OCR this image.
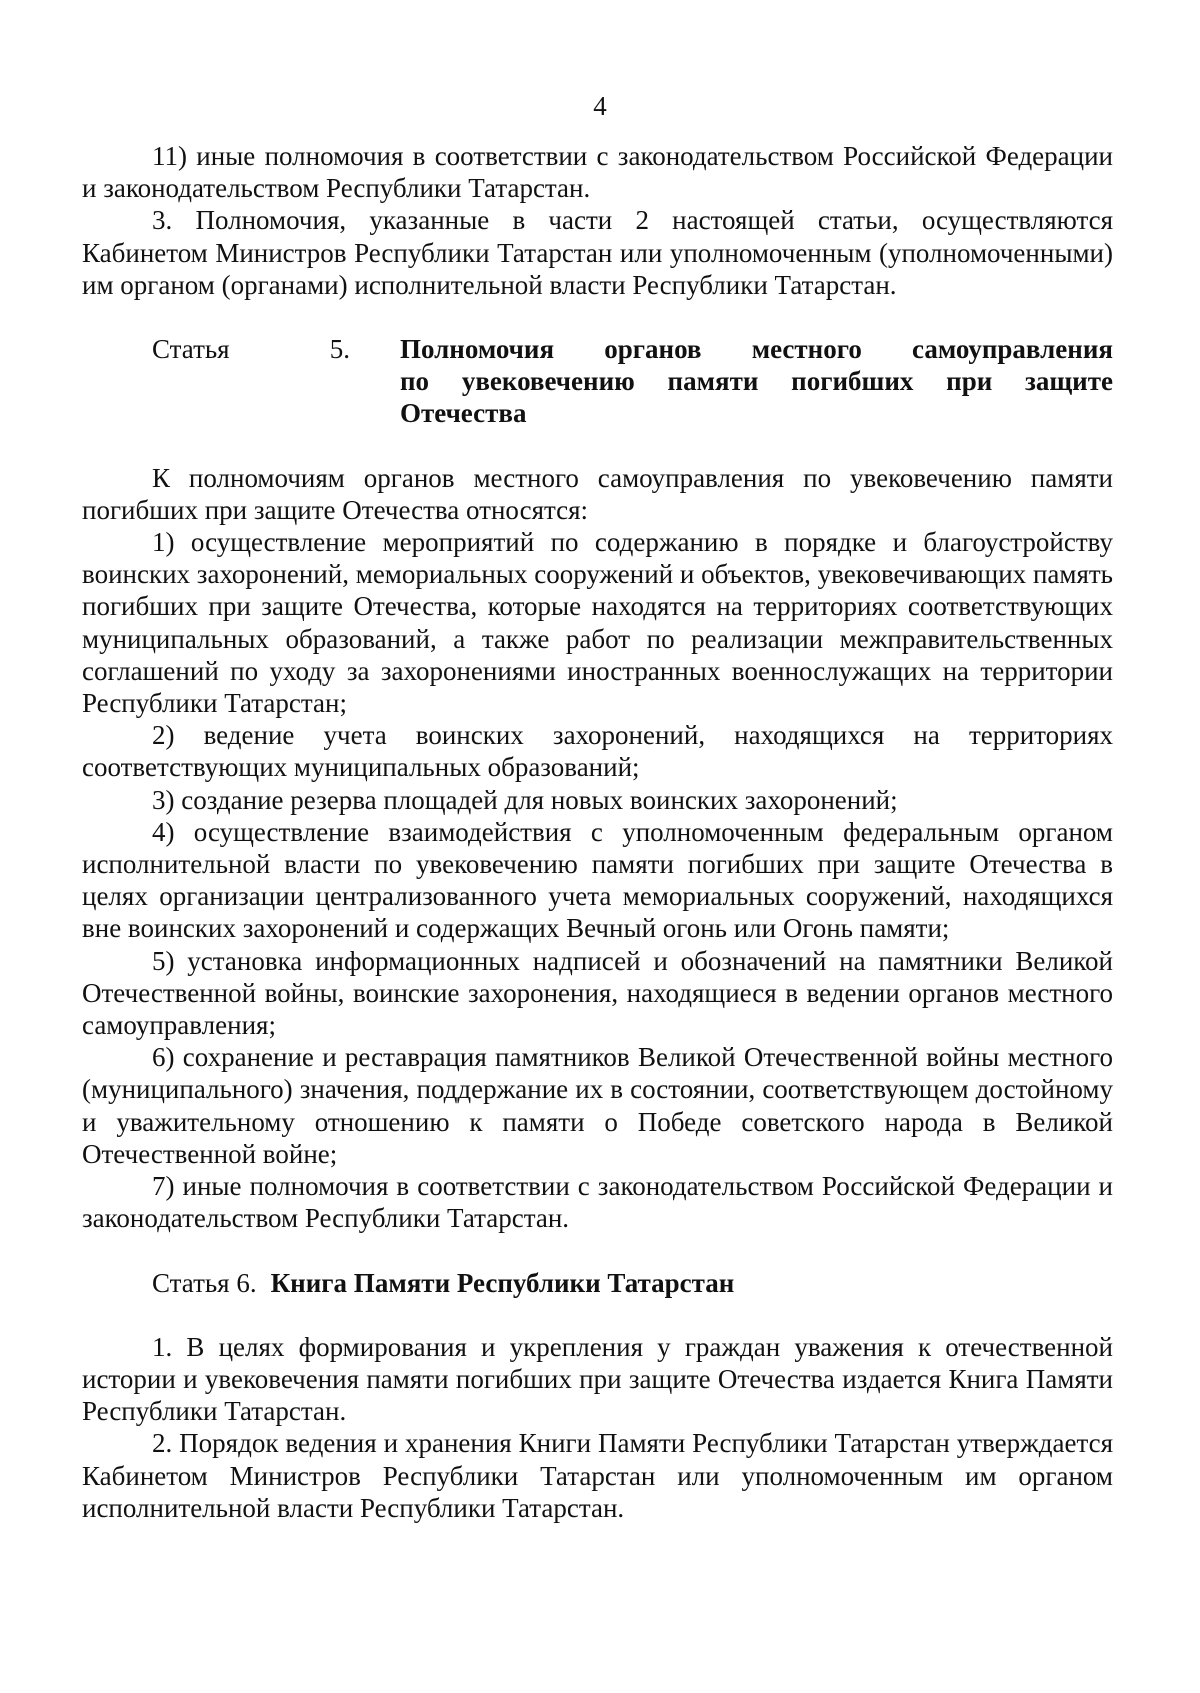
4

11) иные полномочия в соответствии с законодательством Российской Федерации и законодательством Республики Татарстан.

3. Полномочия, указанные в части 2 настоящей статьи, осуществляются Кабинетом Министров Республики Татарстан или уполномоченным (уполномоченными) им органом (органами) исполнительной власти Республики Татарстан.

Статья	5.	Полномочия органов местного самоуправления
по увековечению памяти погибших при защите Отечества

К полномочиям органов местного самоуправления по увековечению памяти погибших при защите Отечества относятся:

1) осуществление мероприятий по содержанию в порядке и благоустройству воинских захоронений, мемориальных сооружений и объектов, увековечивающих память погибших при защите Отечества, которые находятся на территориях соответствующих муниципальных образований, а также работ по реализации межправительственных соглашений по уходу за захоронениями иностранных военнослужащих на территории Республики Татарстан;

2) ведение учета воинских захоронений, находящихся на территориях соответствующих муниципальных образований;

3) создание резерва площадей для новых воинских захоронений;

4) осуществление взаимодействия с уполномоченным федеральным органом исполнительной власти по увековечению памяти погибших при защите Отечества в целях организации централизованного учета мемориальных сооружений, находящихся вне воинских захоронений и содержащих Вечный огонь или Огонь памяти;

5) установка информационных надписей и обозначений на памятники Великой Отечественной войны, воинские захоронения, находящиеся в ведении органов местного самоуправления;

6) сохранение и реставрация памятников Великой Отечественной войны местного (муниципального) значения, поддержание их в состоянии, соответствующем достойному и уважительному отношению к памяти о Победе советского народа в Великой Отечественной войне;

7) иные полномочия в соответствии с законодательством Российской Федерации и законодательством Республики Татарстан.

Статья 6. Книга Памяти Республики Татарстан

1. В целях формирования и укрепления у граждан уважения к отечественной истории и увековечения памяти погибших при защите Отечества издается Книга Памяти Республики Татарстан.

2. Порядок ведения и хранения Книги Памяти Республики Татарстан утверждается Кабинетом Министров Республики Татарстан или уполномоченным им органом исполнительной власти Республики Татарстан.
